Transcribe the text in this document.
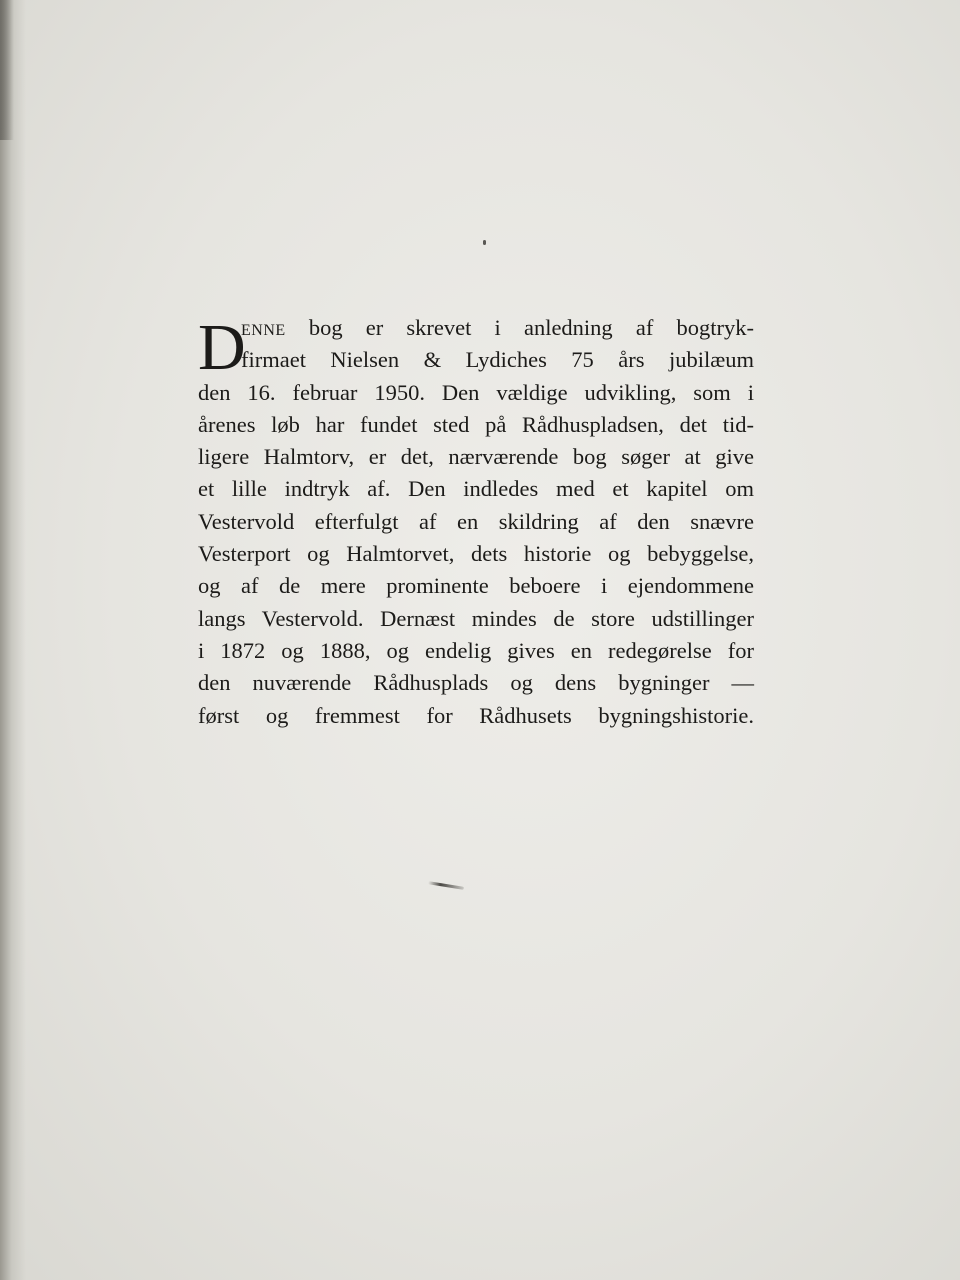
D
enne bog er skrevet i anledning af bogtryk-
firmaet Nielsen & Lydiches 75 års jubilæum
den 16. februar 1950. Den vældige udvikling, som i
årenes løb har fundet sted på Rådhuspladsen, det tid-
ligere Halmtorv, er det, nærværende bog søger at give
et lille indtryk af. Den indledes med et kapitel om
Vestervold efterfulgt af en skildring af den snævre
Vesterport og Halmtorvet, dets historie og bebyggelse,
og af de mere prominente beboere i ejendommene
langs Vestervold. Dernæst mindes de store udstillinger
i 1872 og 1888, og endelig gives en redegørelse for
den nuværende Rådhusplads og dens bygninger —
først og fremmest for Rådhusets bygningshistorie.
